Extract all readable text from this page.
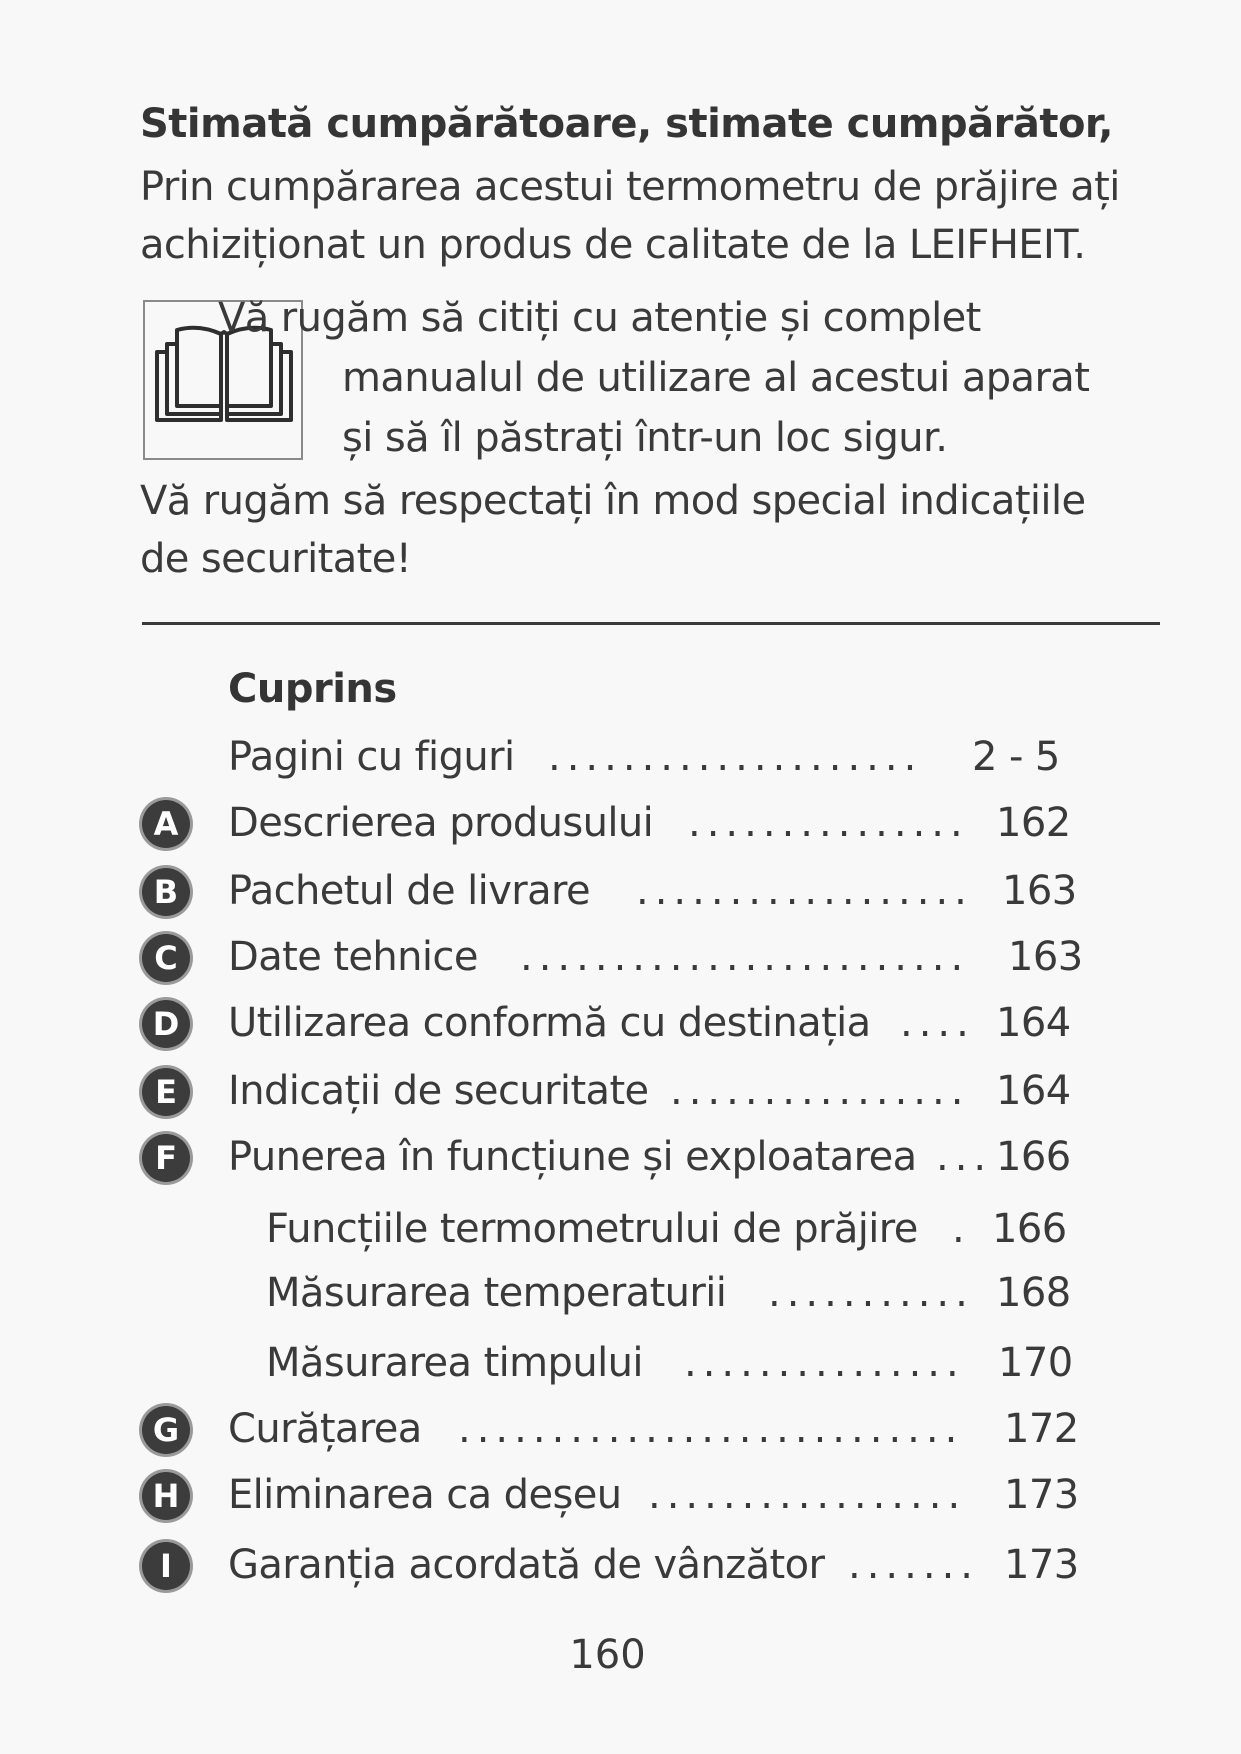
Stimată cumpărătoare, stimate cumpărător,
Prin cumpărarea acestui termometru de prăjire ați
achiziționat un produs de calitate de la LEIFHEIT.
Vă rugăm să citiți cu atenție și complet
manualul de utilizare al acestui aparat
și să îl păstrați într-un loc sigur.
Vă rugăm să respectați în mod special indicațiile
de securitate!
Cuprins
Pagini cu figuri .................... 2 - 5
A Descrierea produsului ............... 162
B Pachetul de livrare .................. 163
C	Date tehnice ........................ 163
D Utilizarea conformă cu destinația .... 164
E	Indicații de securitate ................ 164
F	Punerea în funcțiune și exploatarea ... 166
Funcțiile termometrului de prăjire . 166
Măsurarea temperaturii ........... 168
Măsurarea timpului ............... 170
G Curățarea ........................... 172
H Eliminarea ca deșeu ................. 173
I	Garanția acordată de vânzător ....... 173
160
